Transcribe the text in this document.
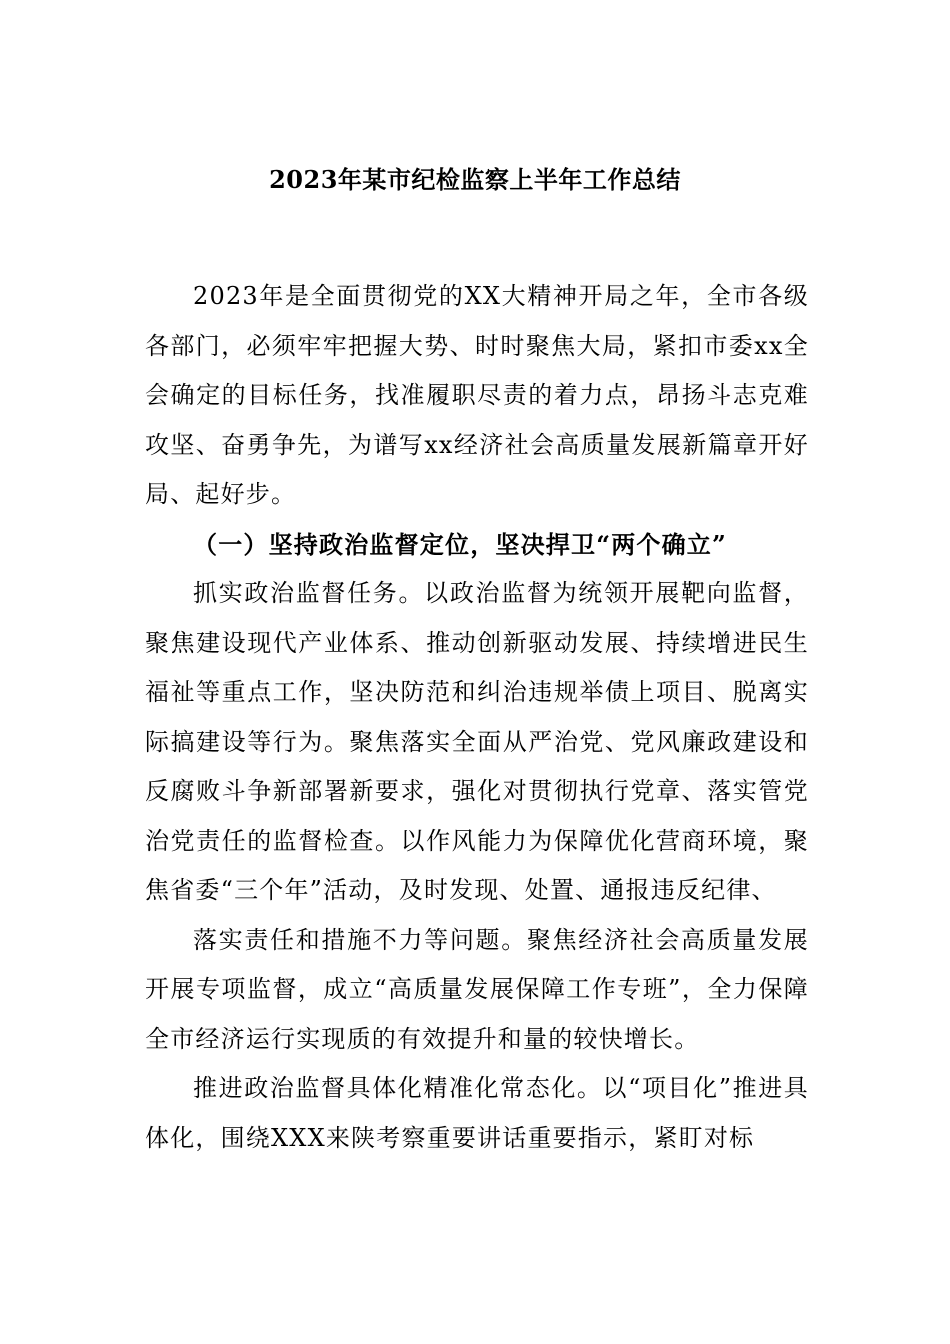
2023年某市纪检监察上半年工作总结

2023年是全面贯彻党的XX大精神开局之年，全市各级各部门，必须牢牢把握大势、时时聚焦大局，紧扣市委xx全会确定的目标任务，找准履职尽责的着力点，昂扬斗志克难攻坚、奋勇争先，为谱写xx经济社会高质量发展新篇章开好局、起好步。

（一）坚持政治监督定位，坚决捍卫“两个确立”

抓实政治监督任务。以政治监督为统领开展靶向监督，聚焦建设现代产业体系、推动创新驱动发展、持续增进民生福祉等重点工作，坚决防范和纠治违规举债上项目、脱离实际搞建设等行为。聚焦落实全面从严治党、党风廉政建设和反腐败斗争新部署新要求，强化对贯彻执行党章、落实管党治党责任的监督检查。以作风能力为保障优化营商环境，聚焦省委“三个年”活动，及时发现、处置、通报违反纪律、

落实责任和措施不力等问题。聚焦经济社会高质量发展开展专项监督，成立“高质量发展保障工作专班”，全力保障全市经济运行实现质的有效提升和量的较快增长。

推进政治监督具体化精准化常态化。以“项目化”推进具体化，围绕XXX来陕考察重要讲话重要指示，紧盯对标
